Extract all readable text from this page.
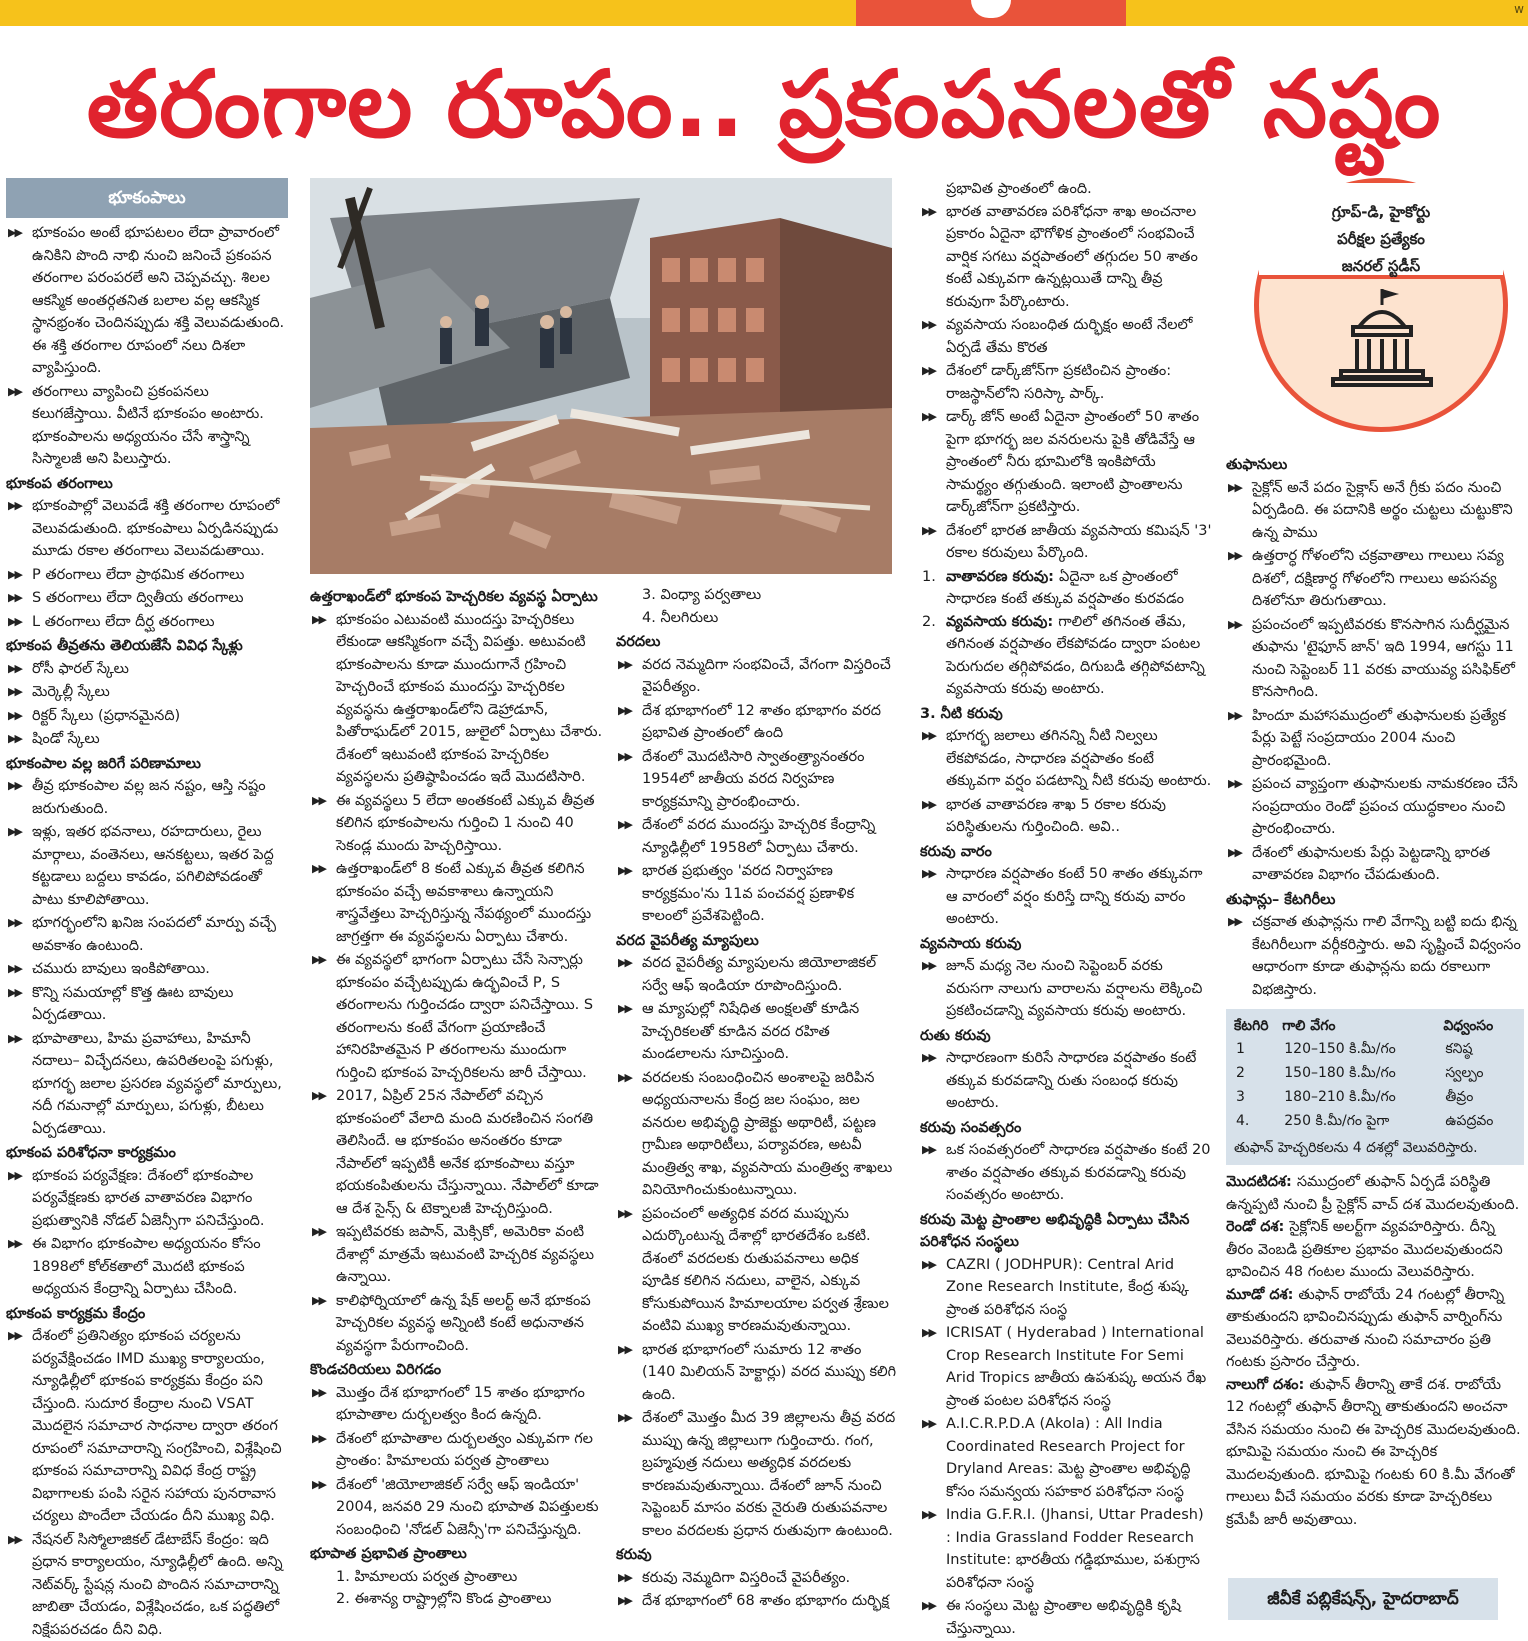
w
తరంగాల రూపం.. ప్రకంపనలతో నష్టం
భూకంపాలు
▶▶ భూకంపం అంటే భూపటలం లేదా ప్రావారంలో ఉనికిని పొంది నాభి నుంచి జనించే ప్రకంపన తరంగాల పరంపరలే అని చెప్పవచ్చు. శిలల ఆకస్మిక అంతర్గతనిత బలాల వల్ల ఆకస్మిక స్థానభ్రంశం చెందినప్పుడు శక్తి వెలువడుతుంది. ఈ శక్తి తరంగాల రూపంలో నలు దిశలా వ్యాపిస్తుంది.
▶▶ తరంగాలు వ్యాపించి ప్రకంపనలు కలుగజేస్తాయి. వీటినే భూకంపం అంటారు. భూకంపాలను అధ్యయనం చేసే శాస్త్రాన్ని సిస్మాలజీ అని పిలుస్తారు.
భూకంప తరంగాలు
▶▶ భూకంపాల్లో వెలువడే శక్తి తరంగాల రూపంలో వెలువడుతుంది. భూకంపాలు ఏర్పడినప్పుడు మూడు రకాల తరంగాలు వెలువడుతాయి.
▶▶ P తరంగాలు లేదా ప్రాథమిక తరంగాలు
▶▶ S తరంగాలు లేదా ద్వితీయ తరంగాలు
▶▶ L తరంగాలు లేదా దీర్ఘ తరంగాలు
భూకంప తీవ్రతను తెలియజేసే వివిధ స్కేళ్లు
▶▶ రోసీ ఫారల్‌ స్కేలు
▶▶ మెర్కెల్లీ స్కేలు
▶▶ రిక్టర్‌ స్కేలు (ప్రధానమైనది)
▶▶ షిండో స్కేలు
భూకంపాల వల్ల జరిగే పరిణామాలు
▶▶ తీవ్ర భూకంపాల వల్ల జన నష్టం, ఆస్తి నష్టం జరుగుతుంది.
▶▶ ఇళ్లు, ఇతర భవనాలు, రహదారులు, రైలు మార్గాలు, వంతెనలు, ఆనకట్టలు, ఇతర పెద్ద కట్టడాలు బద్దలు కావడం, పగిలిపోవడంతో పాటు కూలిపోతాయి.
▶▶ భూగర్భంలోని ఖనిజ సంపదలో మార్పు వచ్చే అవకాశం ఉంటుంది.
▶▶ చమురు బావులు ఇంకిపోతాయి.
▶▶ కొన్ని సమయాల్లో కొత్త ఊట బావులు ఏర్పడతాయి.
▶▶ భూపాతాలు, హిమ ప్రవాహాలు, హిమానీ నదాలు– విచ్ఛేదనలు, ఉపరితలంపై పగుళ్లు, భూగర్భ జలాల ప్రసరణ వ్యవస్థలో మార్పులు, నదీ గమనాల్లో మార్పులు, పగుళ్లు, బీటలు ఏర్పడతాయి.
భూకంప పరిశోధనా కార్యక్రమం
▶▶ భూకంప పర్యవేక్షణ: దేశంలో భూకంపాల పర్యవేక్షణకు భారత వాతావరణ విభాగం ప్రభుత్వానికి నోడల్‌ ఏజెన్సీగా పనిచేస్తుంది.
▶▶ ఈ విభాగం భూకంపాల అధ్యయనం కోసం 1898లో కోల్‌కతాలో మొదటి భూకంప అధ్యయన కేంద్రాన్ని ఏర్పాటు చేసింది.
భూకంప కార్యక్రమ కేంద్రం
▶▶ దేశంలో ప్రతినిత్యం భూకంప చర్యలను పర్యవేక్షించడం IMD ముఖ్య కార్యాలయం, న్యూఢిల్లీలో భూకంప కార్యక్రమ కేంద్రం పని చేస్తుంది. సుదూర కేంద్రాల నుంచి VSAT మొదలైన సమాచార సాధనాల ద్వారా తరంగ రూపంలో సమాచారాన్ని సంగ్రహించి, విశ్లేషించి భూకంప సమాచారాన్ని వివిధ కేంద్ర రాష్ట్ర విభాగాలకు పంపి సరైన సహాయ పునరావాస చర్యలు పొందేలా చేయడం దీని ముఖ్య విధి.
▶▶ నేషనల్‌ సిస్మోలాజికల్‌ డేటాబేస్‌ కేంద్రం: ఇది ప్రధాన కార్యాలయం, న్యూఢిల్లీలో ఉంది. అన్ని నెట్‌వర్క్‌ స్టేషన్ల నుంచి పొందిన సమాచారాన్ని జాబితా చేయడం, విశ్లేషించడం, ఒక పద్ధతిలో నిక్షేపపరచడం దీని విధి.
ఉత్తరాఖండ్‌లో భూకంప హెచ్చరికల వ్యవస్థ ఏర్పాటు
▶▶ భూకంపం ఎటువంటి ముందస్తు హెచ్చరికలు లేకుండా ఆకస్మికంగా వచ్చే విపత్తు. అటువంటి భూకంపాలను కూడా ముందుగానే గ్రహించి హెచ్చరించే భూకంప ముందస్తు హెచ్చరికల వ్యవస్థను ఉత్తరాఖండ్‌లోని డెహ్రాడూన్‌, పితోరాఘడ్‌లో 2015, జులైలో ఏర్పాటు చేశారు. దేశంలో ఇటువంటి భూకంప హెచ్చరికల వ్యవస్థలను ప్రతిష్ఠాపించడం ఇదే మొదటిసారి.
▶▶ ఈ వ్యవస్థలు 5 లేదా అంతకంటే ఎక్కువ తీవ్రత కలిగిన భూకంపాలను గుర్తించి 1 నుంచి 40 సెకండ్ల ముందు హెచ్చరిస్తాయి.
▶▶ ఉత్తరాఖండ్‌లో 8 కంటే ఎక్కువ తీవ్రత కలిగిన భూకంపం వచ్చే అవకాశాలు ఉన్నాయని శాస్త్రవేత్తలు హెచ్చరిస్తున్న నేపథ్యంలో ముందస్తు జాగ్రత్తగా ఈ వ్యవస్థలను ఏర్పాటు చేశారు.
▶▶ ఈ వ్యవస్థలో భాగంగా ఏర్పాటు చేసే సెన్సార్లు భూకంపం వచ్చేటప్పుడు ఉద్భవించే P, S తరంగాలను గుర్తించడం ద్వారా పనిచేస్తాయి. S తరంగాలను కంటే వేగంగా ప్రయాణించే హానిరహితమైన P తరంగాలను ముందుగా గుర్తించి భూకంప హెచ్చరికలను జారీ చేస్తాయి.
▶▶ 2017, ఏప్రిల్‌ 25న నేపాల్‌లో వచ్చిన భూకంపంలో వేలాది మంది మరణించిన సంగతి తెలిసిందే. ఆ భూకంపం అనంతరం కూడా నేపాల్‌లో ఇప్పటికీ అనేక భూకంపాలు వస్తూ భయకంపితులను చేస్తున్నాయి. నేపాల్‌లో కూడా ఆ దేశ సైన్స్‌ & టెక్నాలజీ హెచ్చరిస్తుంది.
▶▶ ఇప్పటివరకు జపాన్‌, మెక్సికో, అమెరికా వంటి దేశాల్లో మాత్రమే ఇటువంటి హెచ్చరిక వ్యవస్థలు ఉన్నాయి.
▶▶ కాలిఫోర్నియాలో ఉన్న షేక్‌ అలర్ట్‌ అనే భూకంప హెచ్చరికల వ్యవస్థ అన్నింటి కంటే అధునాతన వ్యవస్థగా పేరుగాంచింది.
కొండచరియలు విరిగడం
▶▶ మొత్తం దేశ భూభాగంలో 15 శాతం భూభాగం భూపాతాల దుర్బలత్వం కింద ఉన్నది.
▶▶ దేశంలో భూపాతాల దుర్బలత్వం ఎక్కువగా గల ప్రాంతం: హిమాలయ పర్వత ప్రాంతాలు
▶▶ దేశంలో 'జియోలాజికల్‌ సర్వే ఆఫ్‌ ఇండియా' 2004, జనవరి 29 నుంచి భూపాత విపత్తులకు సంబంధించి 'నోడల్‌ ఏజెన్సీ'గా పనిచేస్తున్నది.
భూపాత ప్రభావిత ప్రాంతాలు
1. హిమాలయ పర్వత ప్రాంతాలు
2. ఈశాన్య రాష్ట్రాల్లోని కొండ ప్రాంతాలు
3. వింధ్యా పర్వతాలు
4. నీలగిరులు
వరదలు
▶▶ వరద నెమ్మదిగా సంభవించే, వేగంగా విస్తరించే వైపరీత్యం.
▶▶ దేశ భూభాగంలో 12 శాతం భూభాగం వరద ప్రభావిత ప్రాంతంలో ఉంది
▶▶ దేశంలో మొదటిసారి స్వాతంత్ర్యానంతరం 1954లో జాతీయ వరద నిర్వహణ కార్యక్రమాన్ని ప్రారంభించారు.
▶▶ దేశంలో వరద ముందస్తు హెచ్చరిక కేంద్రాన్ని న్యూఢిల్లీలో 1958లో ఏర్పాటు చేశారు.
▶▶ భారత ప్రభుత్వం 'వరద నిర్వాహణ కార్యక్రమం'ను 11వ పంచవర్ష ప్రణాళిక కాలంలో ప్రవేశపెట్టింది.
వరద వైపరీత్య మ్యాపులు
▶▶ వరద వైపరీత్య మ్యాపులను జియోలాజికల్‌ సర్వే ఆఫ్‌ ఇండియా రూపొందిస్తుంది.
▶▶ ఆ మ్యాపుల్లో నిషేధిత అంక్షలతో కూడిన హెచ్చరికలతో కూడిన వరద రహిత మండలాలను సూచిస్తుంది.
▶▶ వరదలకు సంబంధించిన అంశాలపై జరిపిన అధ్యయనాలను కేంద్ర జల సంఘం, జల వనరుల అభివృద్ధి ప్రాజెక్టు అథారిటీ, పట్టణ గ్రామీణ అథారిటీలు, పర్యావరణ, అటవీ మంత్రిత్వ శాఖ, వ్యవసాయ మంత్రిత్వ శాఖలు వినియోగించుకుంటున్నాయి.
▶▶ ప్రపంచంలో అత్యధిక వరద ముప్పును ఎదుర్కొంటున్న దేశాల్లో భారతదేశం ఒకటి. దేశంలో వరదలకు రుతుపవనాలు అధిక పూడిక కలిగిన నదులు, వాలైన, ఎక్కువ కోసుకుపోయిన హిమాలయాల పర్వత శ్రేణుల వంటివి ముఖ్య కారణమవుతున్నాయి.
▶▶ భారత భూభాగంలో సుమారు 12 శాతం (140 మిలియన్‌ హెక్టార్లు) వరద ముప్పు కలిగి ఉంది.
▶▶ దేశంలో మొత్తం మీద 39 జిల్లాలను తీవ్ర వరద ముప్పు ఉన్న జిల్లాలుగా గుర్తించారు. గంగ, బ్రహ్మపుత్ర నదులు అత్యధిక వరదలకు కారణమవుతున్నాయి. దేశంలో జూన్‌ నుంచి సెప్టెంబర్‌ మాసం వరకు నైరుతి రుతుపవనాల కాలం వరదలకు ప్రధాన రుతువుగా ఉంటుంది.
కరువు
▶▶ కరువు నెమ్మదిగా విస్తరించే వైపరీత్యం.
▶▶ దేశ భూభాగంలో 68 శాతం భూభాగం దుర్భిక్ష
ప్రభావిత ప్రాంతంలో ఉంది.
▶▶ భారత వాతావరణ పరిశోధనా శాఖ అంచనాల ప్రకారం ఏదైనా భౌగోళిక ప్రాంతంలో సంభవించే వార్షిక సగటు వర్షపాతంలో తగ్గుదల 50 శాతం కంటే ఎక్కువగా ఉన్నట్లయితే దాన్ని తీవ్ర కరువుగా పేర్కొంటారు.
▶▶ వ్యవసాయ సంబంధిత దుర్భిక్షం అంటే నేలలో ఏర్పడే తేమ కొరత
▶▶ దేశంలో డార్క్‌జోన్‌గా ప్రకటించిన ప్రాంతం: రాజస్థాన్‌లోని సరిస్కా పార్క్‌.
▶▶ డార్క్‌ జోన్‌ అంటే ఏదైనా ప్రాంతంలో 50 శాతం పైగా భూగర్భ జల వనరులను పైకి తోడివేస్తే ఆ ప్రాంతంలో నీరు భూమిలోకి ఇంకిపోయే సామర్థ్యం తగ్గుతుంది. ఇలాంటి ప్రాంతాలను డార్క్‌జోన్‌గా ప్రకటిస్తారు.
▶▶ దేశంలో భారత జాతీయ వ్యవసాయ కమిషన్‌ '3' రకాల కరువులు పేర్కొంది.
1. వాతావరణ కరువు: ఏదైనా ఒక ప్రాంతంలో సాధారణ కంటే తక్కువ వర్షపాతం కురవడం
2. వ్యవసాయ కరువు: గాలిలో తగినంత తేమ, తగినంత వర్షపాతం లేకపోవడం ద్వారా పంటల పెరుగుదల తగ్గిపోవడం, దిగుబడి తగ్గిపోవటాన్ని వ్యవసాయ కరువు అంటారు.
3. నీటి కరువు
▶▶ భూగర్భ జలాలు తగినన్ని నీటి నిల్వలు లేకపోవడం, సాధారణ వర్షపాతం కంటే తక్కువగా వర్షం పడటాన్ని నీటి కరువు అంటారు.
▶▶ భారత వాతావరణ శాఖ 5 రకాల కరువు పరిస్థితులను గుర్తించింది. అవి..
కరువు వారం
▶▶ సాధారణ వర్షపాతం కంటే 50 శాతం తక్కువగా ఆ వారంలో వర్షం కురిస్తే దాన్ని కరువు వారం అంటారు.
వ్యవసాయ కరువు
▶▶ జూన్‌ మధ్య నెల నుంచి సెప్టెంబర్‌ వరకు వరుసగా నాలుగు వారాలను వర్షాలను లెక్కించి ప్రకటించడాన్ని వ్యవసాయ కరువు అంటారు.
రుతు కరువు
▶▶ సాధారణంగా కురిసే సాధారణ వర్షపాతం కంటే తక్కువ కురవడాన్ని రుతు సంబంధ కరువు అంటారు.
కరువు సంవత్సరం
▶▶ ఒక సంవత్సరంలో సాధారణ వర్షపాతం కంటే 20 శాతం వర్షపాతం తక్కువ కురవడాన్ని కరువు సంవత్సరం అంటారు.
కరువు మెట్ట ప్రాంతాల అభివృద్ధికి ఏర్పాటు చేసిన పరిశోధన సంస్థలు
▶▶ CAZRI ( JODHPUR): Central Arid Zone Research Institute, కేంద్ర శుష్క ప్రాంత పరిశోధన సంస్థ
▶▶ ICRISAT ( Hyderabad ) International Crop Research Institute For Semi Arid Tropics జాతీయ ఉపశుష్క అయన రేఖ ప్రాంత పంటల పరిశోధన సంస్థ
▶▶ A.I.C.R.P.D.A (Akola) : All India Coordinated Research Project for Dryland Areas: మెట్ట ప్రాంతాల అభివృద్ధి కోసం సమన్వయ సహకార పరిశోధనా సంస్థ
▶▶ India G.F.R.I. (Jhansi, Uttar Pradesh) : India Grassland Fodder Research Institute: భారతీయ గడ్డిభూముల, పశుగ్రాస పరిశోధనా సంస్థ
▶▶ ఈ సంస్థలు మెట్ట ప్రాంతాల అభివృద్ధికి కృషి చేస్తున్నాయి.
గ్రూప్‌-డి, హైకోర్టు
పరీక్షల ప్రత్యేకం
జనరల్‌ స్టడీస్‌
తుఫానులు
▶▶ సైక్లోన్‌ అనే పదం సైక్లాస్‌ అనే గ్రీకు పదం నుంచి ఏర్పడింది. ఈ పదానికి అర్థం చుట్టలు చుట్టుకొని ఉన్న పాము
▶▶ ఉత్తరార్ధ గోళంలోని చక్రవాతాలు గాలులు సవ్య దిశలో, దక్షిణార్ధ గోళంలోని గాలులు అపసవ్య దిశలోనూ తిరుగుతాయి.
▶▶ ప్రపంచంలో ఇప్పటివరకు కొనసాగిన సుదీర్ఘమైన తుఫాను 'టైఫూన్‌ జాన్‌' ఇది 1994, ఆగస్టు 11 నుంచి సెప్టెంబర్‌ 11 వరకు వాయువ్య పసిఫిక్‌లో కొనసాగింది.
▶▶ హిందూ మహాసముద్రంలో తుఫానులకు ప్రత్యేక పేర్లు పెట్టే సంప్రదాయం 2004 నుంచి ప్రారంభమైంది.
▶▶ ప్రపంచ వ్యాప్తంగా తుఫానులకు నామకరణం చేసే సంప్రదాయం రెండో ప్రపంచ యుద్ధకాలం నుంచి ప్రారంభించారు.
▶▶ దేశంలో తుఫానులకు పేర్లు పెట్టడాన్ని భారత వాతావరణ విభాగం చేపడుతుంది.
తుఫాన్లు– కేటగిరీలు
▶▶ చక్రవాత తుఫాన్లను గాలి వేగాన్ని బట్టి ఐదు భిన్న కేటగిరీలుగా వర్గీకరిస్తారు. అవి సృష్టించే విధ్వంసం ఆధారంగా కూడా తుఫాన్లను ఐదు రకాలుగా విభజిస్తారు.
కేటగిరి	గాలి వేగం	విధ్వంసం
1	120–150 కి.మీ/గం	కనిష్ఠ
2	150–180 కి.మీ/గం	స్వల్పం
3	180–210 కి.మీ/గం	తీవ్రం
4.	250 కి.మీ/గం పైగా	ఉపద్రవం
తుఫాన్‌ హెచ్చరికలను 4 దశల్లో వెలువరిస్తారు.
మొదటిదశ: సముద్రంలో తుఫాన్‌ ఏర్పడే పరిస్థితి ఉన్నప్పటి నుంచి ప్రీ సైక్లోన్‌ వాచ్‌ దశ మొదలవుతుంది.
రెండో దశ: సైక్లోనిక్‌ అలర్ట్‌గా వ్యవహరిస్తారు. దీన్ని తీరం వెంబడి ప్రతికూల ప్రభావం మొదలవుతుందని భావించిన 48 గంటల ముందు వెలువరిస్తారు.
మూడో దశ: తుఫాన్‌ రాబోయే 24 గంటల్లో తీరాన్ని తాకుతుందని భావించినప్పుడు తుఫాన్‌ వార్నింగ్‌ను వెలువరిస్తారు. తరువాత నుంచి సమాచారం ప్రతి గంటకు ప్రసారం చేస్తారు.
నాలుగో దశం: తుఫాన్‌ తీరాన్ని తాకే దశ. రాబోయే 12 గంటల్లో తుఫాన్‌ తీరాన్ని తాకుతుందని అంచనా వేసిన సమయం నుంచి ఈ హెచ్చరిక మొదలవుతుంది. భూమిపై సమయం నుంచి ఈ హెచ్చరిక మొదలవుతుంది. భూమిపై గంటకు 60 కి.మీ వేగంతో గాలులు వీచే సమయం వరకు కూడా హెచ్చరికలు క్రమేపీ జారీ అవుతాయి.
జీవీకే పబ్లికేషన్స్‌, హైదరాబాద్‌
